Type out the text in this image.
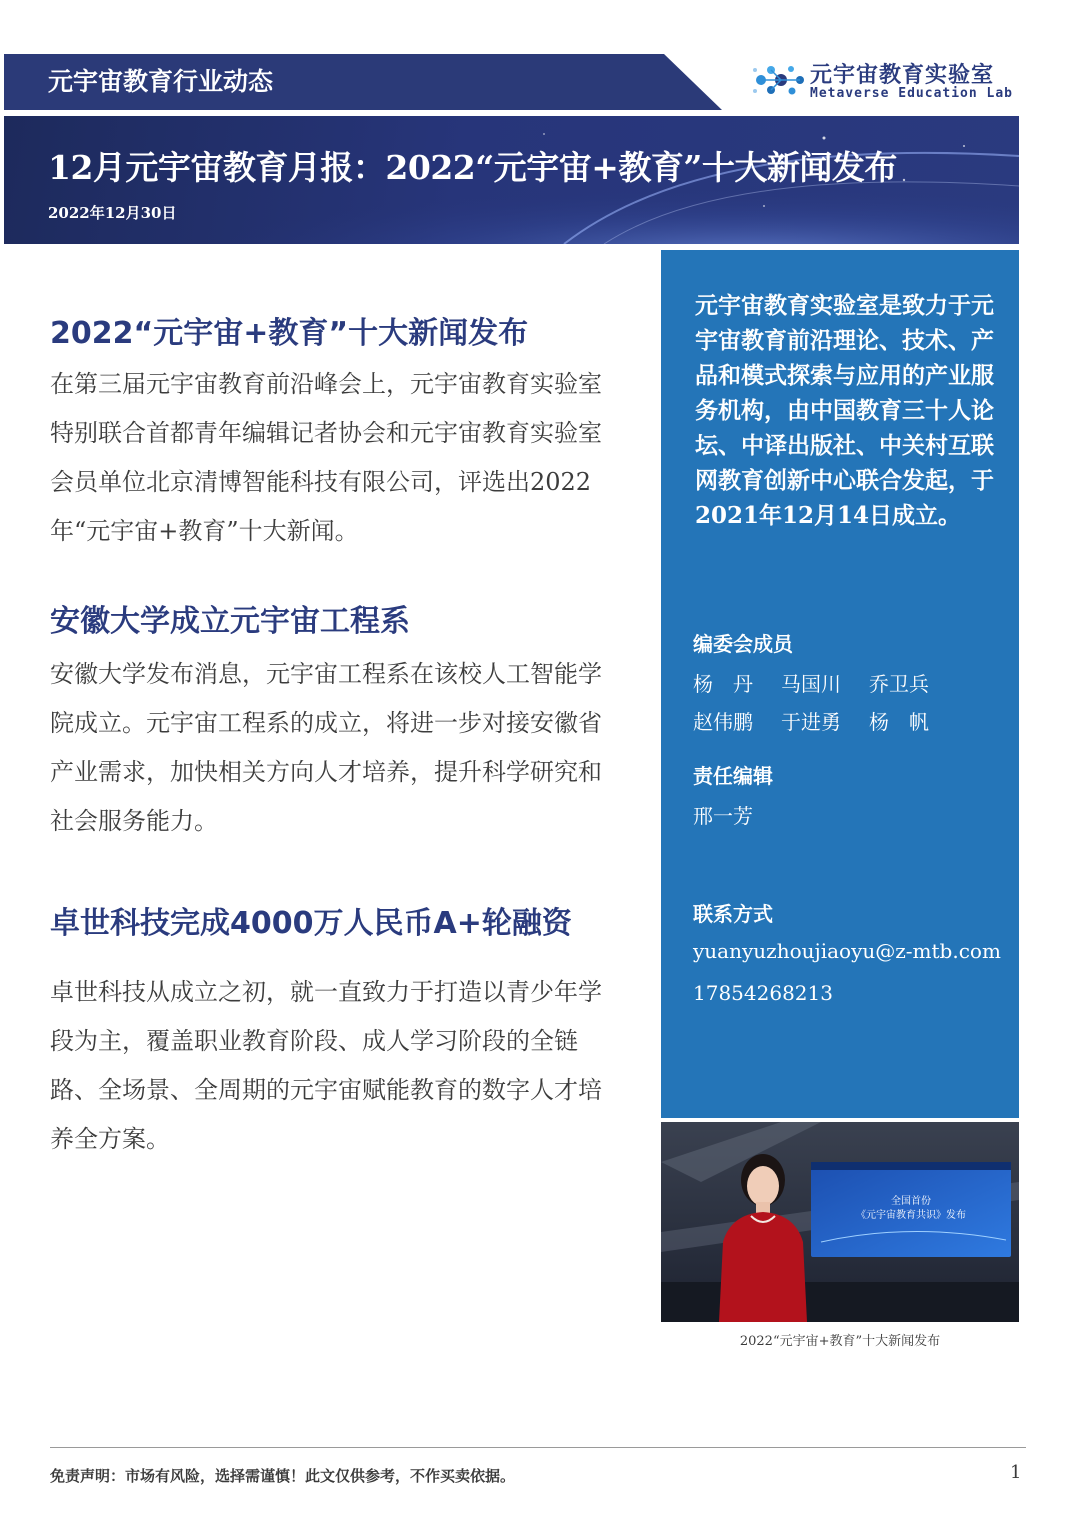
元宇宙教育行业动态	元宇宙教育实验室
Metaverse Education Lab
12月元宇宙教育月报：2022“元宇宙+教育”十大新闻发布
2022年12月30日
2022“元宇宙+教育”十大新闻发布
在第三届元宇宙教育前沿峰会上，元宇宙教育实验室特别联合首都青年编辑记者协会和元宇宙教育实验室会员单位北京清博智能科技有限公司，评选出2022年“元宇宙+教育”十大新闻。
安徽大学成立元宇宙工程系
安徽大学发布消息，元宇宙工程系在该校人工智能学院成立。元宇宙工程系的成立，将进一步对接安徽省产业需求，加快相关方向人才培养，提升科学研究和社会服务能力。
卓世科技完成4000万人民币A+轮融资
卓世科技从成立之初，就一直致力于打造以青少年学段为主，覆盖职业教育阶段、成人学习阶段的全链路、全场景、全周期的元宇宙赋能教育的数字人才培养全方案。
元宇宙教育实验室是致力于元宇宙教育前沿理论、技术、产品和模式探索与应用的产业服务机构，由中国教育三十人论坛、中译出版社、中关村互联网教育创新中心联合发起，于2021年12月14日成立。
编委会成员
杨　丹	马国川	乔卫兵
赵伟鹏	于进勇	杨　帆
责任编辑
邢一芳
联系方式
yuanyuzhoujiaoyu@z-mtb.com
17854268213
全国首份
《元宇宙教育共识》发布
2022“元宇宙+教育”十大新闻发布
免责声明：市场有风险，选择需谨慎！此文仅供参考，不作买卖依据。	1
